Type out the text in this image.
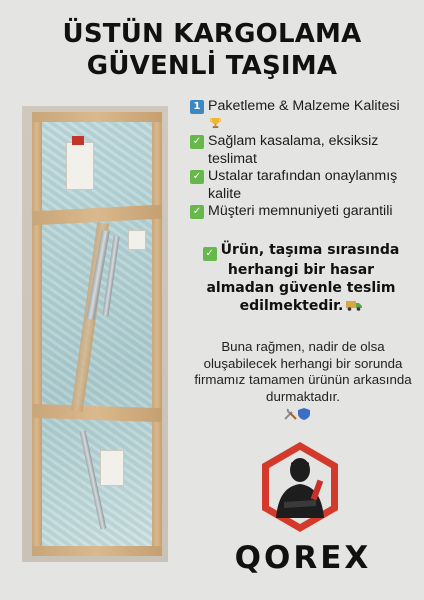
ÜSTÜN KARGOLAMA
GÜVENLİ TAŞIMA
1 Paketleme & Malzeme Kalitesi
✓ Sağlam kasalama, eksiksiz teslimat
✓ Ustalar tarafından onaylanmış kalite
✓ Müşteri memnuniyeti garantili
✓ Ürün, taşıma sırasında herhangi bir hasar almadan güvenle teslim edilmektedir.
Buna rağmen, nadir de olsa oluşabilecek herhangi bir sorunda firmamız tamamen ürünün arkasında durmaktadır.
QOREX
